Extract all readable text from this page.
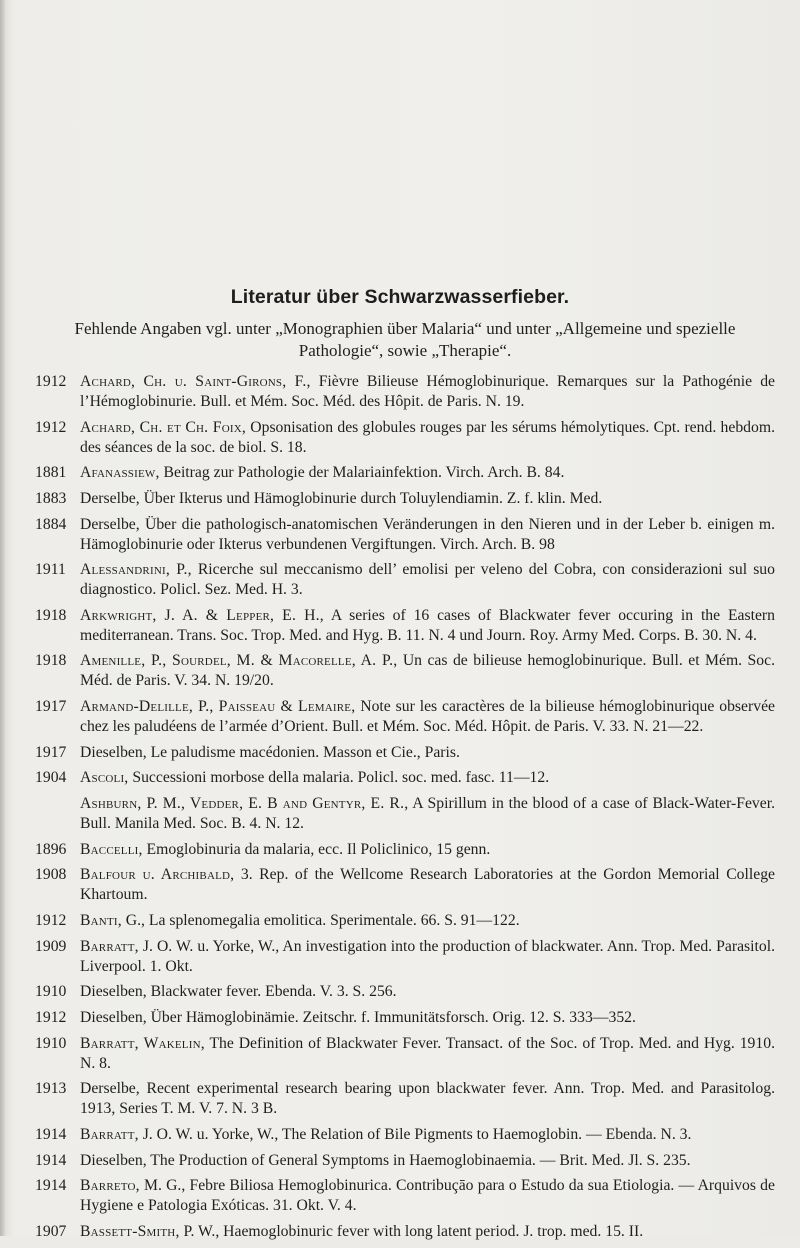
Literatur über Schwarzwasserfieber.
Fehlende Angaben vgl. unter „Monographien über Malaria“ und unter „Allgemeine und spezielle
Pathologie“, sowie „Therapie“.
1912 Achard, Ch. u. Saint-Girons, F., Fièvre Bilieuse Hémoglobinurique. Remarques sur la Pathogénie de l’Hémoglobinurie. Bull. et Mém. Soc. Méd. des Hôpit. de Paris. N. 19.
1912 Achard, Ch. et Ch. Foix, Opsonisation des globules rouges par les sérums hémolytiques. Cpt. rend. hebdom. des séances de la soc. de biol. S. 18.
1881 Afanassiew, Beitrag zur Pathologie der Malariainfektion. Virch. Arch. B. 84.
1883 Derselbe, Über Ikterus und Hämoglobinurie durch Toluylendiamin. Z. f. klin. Med.
1884 Derselbe, Über die pathologisch-anatomischen Veränderungen in den Nieren und in der Leber b. einigen m. Hämoglobinurie oder Ikterus verbundenen Vergiftungen. Virch. Arch. B. 98
1911 Alessandrini, P., Ricerche sul meccanismo dell’ emolisi per veleno del Cobra, con considerazioni sul suo diagnostico. Policl. Sez. Med. H. 3.
1918 Arkwright, J. A. & Lepper, E. H., A series of 16 cases of Blackwater fever occuring in the Eastern mediterranean. Trans. Soc. Trop. Med. and Hyg. B. 11. N. 4 und Journ. Roy. Army Med. Corps. B. 30. N. 4.
1918 Amenille, P., Sourdel, M. & Macorelle, A. P., Un cas de bilieuse hemoglobinurique. Bull. et Mém. Soc. Méd. de Paris. V. 34. N. 19/20.
1917 Armand-Delille, P., Paisseau & Lemaire, Note sur les caractères de la bilieuse hémoglobinurique observée chez les paludéens de l’armée d’Orient. Bull. et Mém. Soc. Méd. Hôpit. de Paris. V. 33. N. 21—22.
1917 Dieselben, Le paludisme macédonien. Masson et Cie., Paris.
1904 Ascoli, Successioni morbose della malaria. Policl. soc. med. fasc. 11—12.
Ashburn, P. M., Vedder, E. B and Gentyr, E. R., A Spirillum in the blood of a case of Black-Water-Fever. Bull. Manila Med. Soc. B. 4. N. 12.
1896 Baccelli, Emoglobinuria da malaria, ecc. Il Policlinico, 15 genn.
1908 Balfour u. Archibald, 3. Rep. of the Wellcome Research Laboratories at the Gordon Memorial College Khartoum.
1912 Banti, G., La splenomegalia emolitica. Sperimentale. 66. S. 91—122.
1909 Barratt, J. O. W. u. Yorke, W., An investigation into the production of blackwater. Ann. Trop. Med. Parasitol. Liverpool. 1. Okt.
1910 Dieselben, Blackwater fever. Ebenda. V. 3. S. 256.
1912 Dieselben, Über Hämoglobinämie. Zeitschr. f. Immunitätsforsch. Orig. 12. S. 333—352.
1910 Barratt, Wakelin, The Definition of Blackwater Fever. Transact. of the Soc. of Trop. Med. and Hyg. 1910. N. 8.
1913 Derselbe, Recent experimental research bearing upon blackwater fever. Ann. Trop. Med. and Parasitolog. 1913, Series T. M. V. 7. N. 3 B.
1914 Barratt, J. O. W. u. Yorke, W., The Relation of Bile Pigments to Haemoglobin. — Ebenda. N. 3.
1914 Dieselben, The Production of General Symptoms in Haemoglobinaemia. — Brit. Med. Jl. S. 235.
1914 Barreto, M. G., Febre Biliosa Hemoglobinurica. Contribuçāo para o Estudo da sua Etiologia. — Arquivos de Hygiene e Patologia Exóticas. 31. Okt. V. 4.
1907 Bassett-Smith, P. W., Haemoglobinuric fever with long latent period. J. trop. med. 15. II.
